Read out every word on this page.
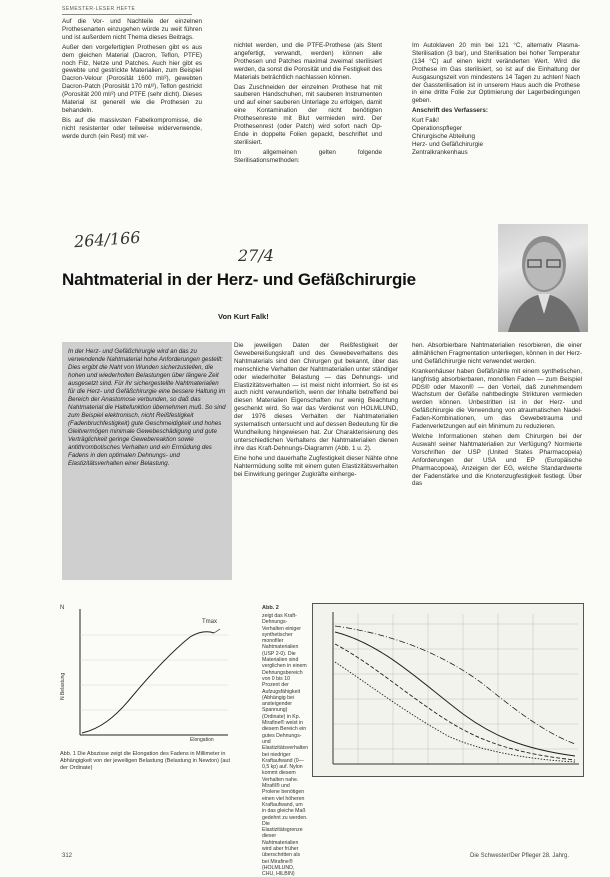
SEMESTER-LESER HEFTE

Auf die Vor- und Nachteile der einzelnen Prothesenarten einzugehen würde zu weit führen und ist außerdem nicht Thema dieses Beitrags.

Außer den vorgefertigten Prothesen gibt es aus dem gleichen Material (Dacron, Teflon, PTFE) noch Filz, Netze und Patches. Auch hier gibt es gewebte und gestrickte Materialien, zum Beispiel Dacron-Velour (Porosität 1600 ml/²), gewebten Dacron-Patch (Porosität 170 ml/²), Teflon gestrickt (Porosität 200 ml/²) und PTFE (sehr dicht). Dieses Material ist generell wie die Prothesen zu behandeln.

Bis auf die massivsten Fabelkompromisse, die nicht resistenter oder teilweise widerverwende, werde durch (ein Rest) mit ver-

nichtet werden, und die PTFE-Prothese (als Stent angefertigt, verwandt, werden) können alle Prothesen und Patches maximal zweimal sterilisiert werden, da sonst die Porosität und die Festigkeit des Materials beträchtlich nachlassen können.

Das Zuschneiden der einzelnen Prothese hat mit sauberen Handschuhen, mit sauberen Instrumenten und auf einer sauberen Unterlage zu erfolgen, damit eine Kontamination der nicht benötigten Prothesenreste mit Blut vermieden wird. Der Prothesenrest (oder Patch) wird sofort nach Op-Ende in doppelte Folien gepackt, beschriftet und sterilisiert.

Im allgemeinen gelten folgende Sterilisationsmethoden:

Im Autoklaven 20 min bei 121 °C, alternativ Plasma-Sterilisation (3 bar), und Sterilisation bei hoher Temperatur (134 °C) auf einen leicht veränderten Wert. Wird die Prothese im Gas sterilisiert, so ist auf die Einhaltung der Ausgasungszeit von mindestens 14 Tagen zu achten! Nach der Gassterilisation ist in unserem Haus auch die Prothese in eine dritte Folie zur Optimierung der Lagerbedingungen geben.

Anschrift des Verfassers:

Kurt Falk!

Operationspfleger

Chirurgische Abteilung

Herz- und Gefäßchirurgie

Zentralkrankenhaus

264/166
27/4
Nahtmaterial in der Herz- und Gefäßchirurgie
Von Kurt Falk!
In der Herz- und Gefäßchirurgie wird an das zu verwendende Nahtmaterial hohe Anforderungen gestellt: Dies ergibt die Naht von Wunden sicherzustellen, die hohen und wiederholten Belastungen über längere Zeit ausgesetzt sind. Für ihr sichergestellte Nahtmaterialien für die Herz- und Gefäßchirurgie eine bessere Haltung im Bereich der Anastomose verbunden, so daß das Nahtmaterial die Haltefunktion übernehmen muß. So sind zum Beispiel elektronisch, nicht Reißfestigkeit (Fadenbruchfestigkeit) gute Geschmeidigkeit und hohes Gleitvermögen minimale Gewebeschädigung und gute Verträglichkeit geringe Gewebereaktion sowie antithrombotisches Verhalten und ein Ermüdung des Fadens in den optimalen Dehnungs- und Elastizitätsverhalten einer Belastung.

Die jeweiligen Daten der Reißfestigkeit der Gewebereißungskraft und des Gewebeverhaltens des Nahtmaterials sind den Chirurgen gut bekannt, über das menschliche Verhalten der Nahtmaterialien unter ständiger oder wiederholter Belastung — das Dehnungs- und Elastizitätsverhalten — ist meist nicht informiert. So ist es auch nicht verwunderlich, wenn der Inhalte betreffend bei diesen Materialien Eigenschaften nur wenig Beachtung geschenkt wird. So war das Verdienst von HOLMLUND, der 1976 dieses Verhalten der Nahtmaterialien systematisch untersucht und auf dessen Bedeutung für die Wundheilung hingewiesen hat. Zur Charakterisierung des unterschiedlichen Verhaltens der Nahtmaterialien dienen ihre das Kraft-Dehnungs-Diagramm (Abb. 1 u. 2).

Eine hohe und dauerhafte Zugfestigkeit dieser Nähte ohne Nahtermüdung sollte mit einem guten Elastizitätsverhalten bei Einwirkung geringer Zugkräfte einherge-

hen. Absorbierbare Nahtmaterialien resorbieren, die einer allmählichen Fragmentation unterliegen, können in der Herz- und Gefäßchirurgie nicht verwendet werden.

Krankenhäuser haben Gefäßnähte mit einem synthetischen, langfristig absorbierbaren, monofilen Faden — zum Beispiel PDS® oder Maxon® — den Vorteil, daß zunehmendem Wachstum der Gefäße nahtbedingte Strikturen vermieden werden können. Unbestritten ist in der Herz- und Gefäßchirurgie die Verwendung von atraumatischen Nadel-Faden-Kombinationen, um das Gewebetrauma und Fadenverletzungen auf ein Minimum zu reduzieren.

Welche Informationen stehen dem Chirurgen bei der Auswahl seiner Nahtmaterialien zur Verfügung? Normierte Vorschriften der USP (United States Pharmacopeia) Anforderungen der USA und EP (Europäische Pharmacopoea), Anzeigen der EG, welche Standardwerte der Fadenstärke und die Knotenzugfestigkeit festlegt. Über das

N
Tmax
N Belastung
Elongation
Abb. 1 Die Abszisse zeigt die Elongation des Fadens in Millimeter in Abhängigkeit von der jeweiligen Belastung (Belastung in Newton) (aut der Ordinate)
Abb. 2
zeigt das Kraft-Dehnungs-Verhalten einiger synthetischer monofiler Nahtmaterialien (USP 2-0). Die Materialien sind verglichen in einem Dehnungsbereich von 0 bis 10 Prozent der Aufzugsfähigkeit (Abhängig bei ansteigender Spannung) (Ordinate) in Kp. Mirafine® weist in diesem Bereich ein gutes Dehnungs- und Elastizitätsverhalten bei niedriger Kraftaufwand (0—0,5 kp) auf. Nylon kommt diesem Verhalten nahe. Mirafil® und Prolene benötigen einen viel höheren Kraftaufwand, um in das gleiche Maß gedehnt zu werden. Die Elastizitätsgrenze dieser Nahtmaterialien wird aber früher überschritten als bei Mirafine® (HOLMLUND, CHU, HILBIN)
312	Die Schwester/Der Pfleger 28. Jahrg.
